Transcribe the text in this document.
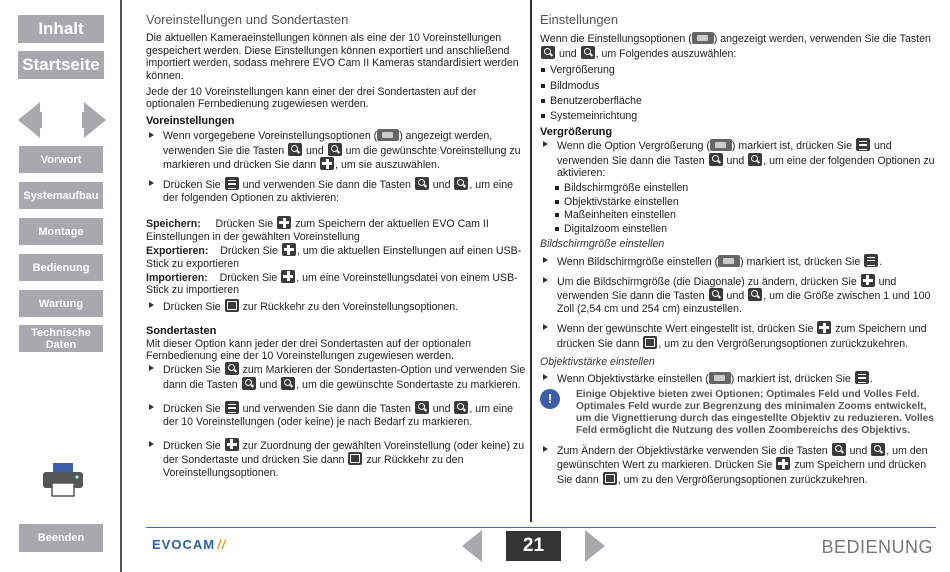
Inhalt
Startseite
Vorwort
Systemaufbau
Montage
Bedienung
Wartung
Technische Daten
Beenden
Voreinstellungen und Sondertasten

Die aktuellen Kameraeinstellungen können als eine der 10 Voreinstellungen gespeichert werden. Diese Einstellungen können exportiert und anschließend importiert werden, sodass mehrere EVO Cam II Kameras standardisiert werden können.

Jede der 10 Voreinstellungen kann einer der drei Sondertasten auf der optionalen Fernbedienung zugewiesen werden.

Voreinstellungen
Wenn vorgegebene Voreinstellungsoptionen ( ) angezeigt werden, verwenden Sie die Tasten und um die gewünschte Voreinstellung zu markieren und drücken Sie dann , um sie auszuwählen.
Drücken Sie und verwenden Sie dann die Tasten und , um eine der folgenden Optionen zu aktivieren:
Speichern: Drücken Sie zum Speichern der aktuellen EVO Cam II Einstellungen in der gewählten Voreinstellung
Exportieren: Drücken Sie , um die aktuellen Einstellungen auf einen USB-Stick zu exportieren
Importieren: Drücken Sie , um eine Voreinstellungsdatei von einem USB-Stick zu importieren
Drücken Sie zur Rückkehr zu den Voreinstellungsoptionen.
Sondertasten

Mit dieser Option kann jeder der drei Sondertasten auf der optionalen Fernbedienung eine der 10 Voreinstellungen zugewiesen werden.

Drücken Sie zum Markieren der Sondertasten-Option und verwenden Sie dann die Tasten und , um die gewünschte Sondertaste zu markieren.
Drücken Sie und verwenden Sie dann die Tasten und , um eine der 10 Voreinstellungen (oder keine) je nach Bedarf zu markieren.
Drücken Sie zur Zuordnung der gewählten Voreinstellung (oder keine) zu der Sondertaste und drücken Sie dann zur Rückkehr zu den Voreinstellungsoptionen.
Einstellungen

Wenn die Einstellungsoptionen ( ) angezeigt werden, verwenden Sie die Tasten  und , um Folgendes auszuwählen:

Vergrößerung
Bildmodus
Benutzeroberfläche
Systemeinrichtung
Vergrößerung
Wenn die Option Vergrößerung ( ) markiert ist, drücken Sie und verwenden Sie dann die Tasten und , um eine der folgenden Optionen zu aktivieren:
Bildschirmgröße einstellen
Objektivstärke einstellen
Maßeinheiten einstellen
Digitalzoom einstellen
Bildschirmgröße einstellen
Wenn Bildschirmgröße einstellen ( ) markiert ist, drücken Sie .
Um die Bildschirmgröße (die Diagonale) zu ändern, drücken Sie und verwenden Sie dann die Tasten und , um die Größe zwischen 1 und 100 Zoll (2,54 cm und 254 cm) einzustellen.
Wenn der gewünschte Wert eingestellt ist, drücken Sie zum Speichern und drücken Sie dann , um zu den Vergrößerungsoptionen zurückzukehren.
Objektivstärke einstellen
Wenn Objektivstärke einstellen ( ) markiert ist, drücken Sie .
!	Einige Objektive bieten zwei Optionen; Optimales Feld und Volles Feld. Optimales Feld wurde zur Begrenzung des minimalen Zooms entwickelt, um die Vignettierung durch das eingestellte Objektiv zu reduzieren. Volles Feld ermöglicht die Nutzung des vollen Zoombereichs des Objektivs.
Zum Ändern der Objektivstärke verwenden Sie die Tasten und , um den gewünschten Wert zu markieren. Drücken Sie zum Speichern und drücken Sie dann , um zu den Vergrößerungsoptionen zurückzukehren.
EVO CAM //	21	BEDIENUNG
